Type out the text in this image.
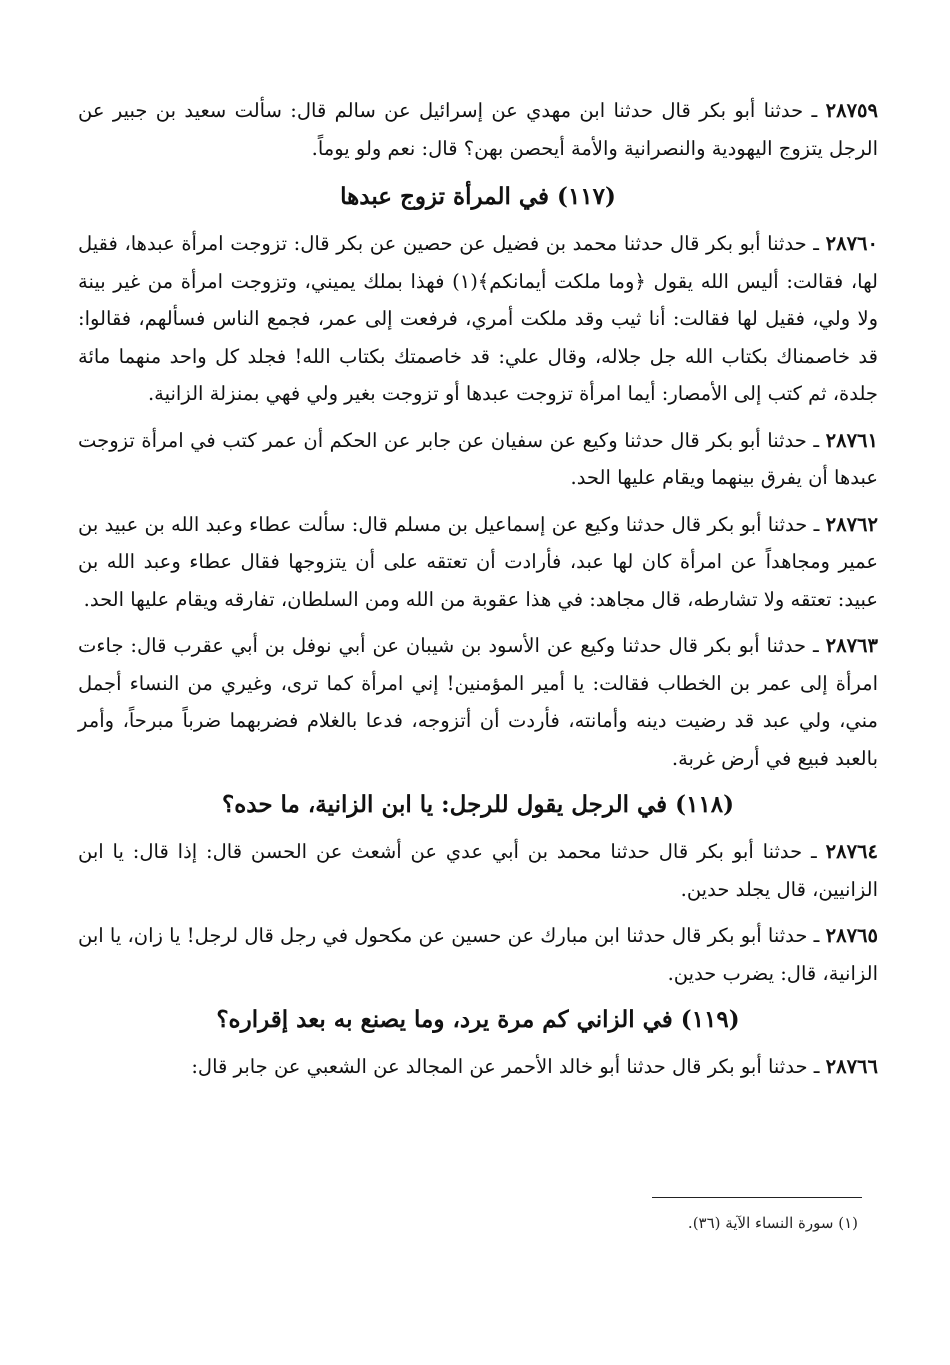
٢٨٧٥٩ ـ حدثنا أبو بكر قال حدثنا ابن مهدي عن إسرائيل عن سالم قال: سألت سعيد بن جبير عن الرجل يتزوج اليهودية والنصرانية والأمة أيحصن بهن؟ قال: نعم ولو يوماً.

(١١٧) في المرأة تزوج عبدها

٢٨٧٦٠ ـ حدثنا أبو بكر قال حدثنا محمد بن فضيل عن حصين عن بكر قال: تزوجت امرأة عبدها، فقيل لها، فقالت: أليس الله يقول ﴿وما ملكت أيمانكم﴾(١) فهذا بملك يميني، وتزوجت امرأة من غير بينة ولا ولي، فقيل لها فقالت: أنا ثيب وقد ملكت أمري، فرفعت إلى عمر، فجمع الناس فسألهم، فقالوا: قد خاصمناك بكتاب الله جل جلاله، وقال علي: قد خاصمتك بكتاب الله! فجلد كل واحد منهما مائة جلدة، ثم كتب إلى الأمصار: أيما امرأة تزوجت عبدها أو تزوجت بغير ولي فهي بمنزلة الزانية.

٢٨٧٦١ ـ حدثنا أبو بكر قال حدثنا وكيع عن سفيان عن جابر عن الحكم أن عمر كتب في امرأة تزوجت عبدها أن يفرق بينهما ويقام عليها الحد.

٢٨٧٦٢ ـ حدثنا أبو بكر قال حدثنا وكيع عن إسماعيل بن مسلم قال: سألت عطاء وعبد الله بن عبيد بن عمير ومجاهداً عن امرأة كان لها عبد، فأرادت أن تعتقه على أن يتزوجها فقال عطاء وعبد الله بن عبيد: تعتقه ولا تشارطه، قال مجاهد: في هذا عقوبة من الله ومن السلطان، تفارقه ويقام عليها الحد.

٢٨٧٦٣ ـ حدثنا أبو بكر قال حدثنا وكيع عن الأسود بن شيبان عن أبي نوفل بن أبي عقرب قال: جاءت امرأة إلى عمر بن الخطاب فقالت: يا أمير المؤمنين! إني امرأة كما ترى، وغيري من النساء أجمل مني، ولي عبد قد رضيت دينه وأمانته، فأردت أن أتزوجه، فدعا بالغلام فضربهما ضرباً مبرحاً، وأمر بالعبد فبيع في أرض غربة.

(١١٨) في الرجل يقول للرجل: يا ابن الزانية، ما حده؟

٢٨٧٦٤ ـ حدثنا أبو بكر قال حدثنا محمد بن أبي عدي عن أشعث عن الحسن قال: إذا قال: يا ابن الزانيين، قال يجلد حدين.

٢٨٧٦٥ ـ حدثنا أبو بكر قال حدثنا ابن مبارك عن حسين عن مكحول في رجل قال لرجل! يا زان، يا ابن الزانية، قال: يضرب حدين.

(١١٩) في الزاني كم مرة يرد، وما يصنع به بعد إقراره؟

٢٨٧٦٦ ـ حدثنا أبو بكر قال حدثنا أبو خالد الأحمر عن المجالد عن الشعبي عن جابر قال:

(١) سورة النساء الآية (٣٦).
